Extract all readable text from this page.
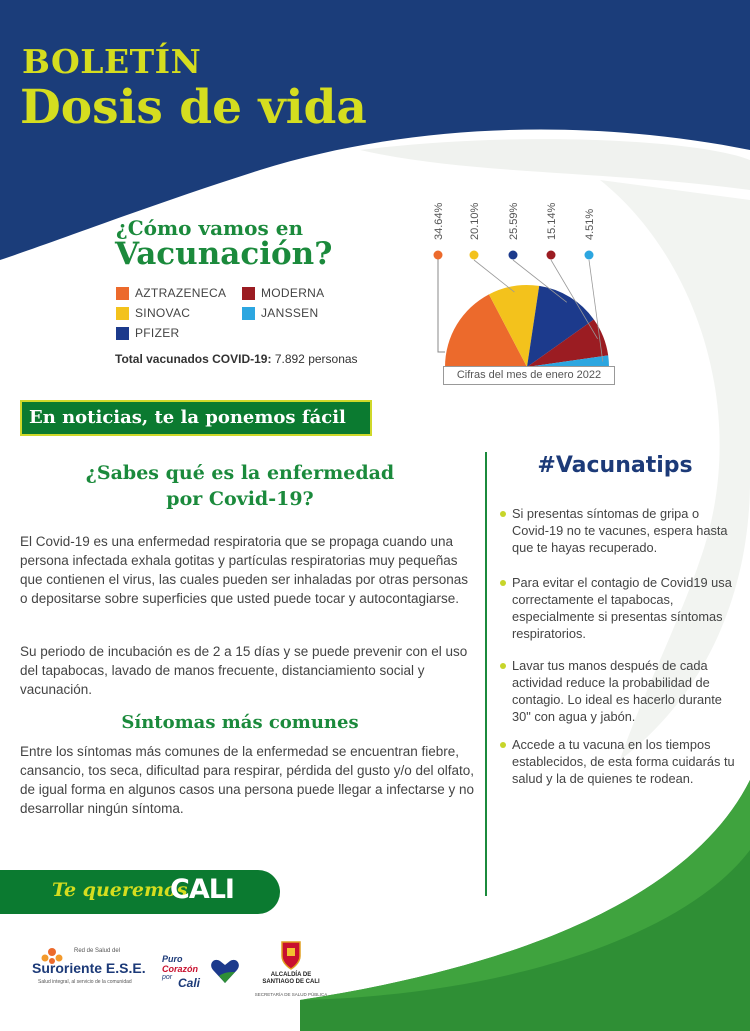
BOLETÍN
Dosis de vida
¿Cómo vamos en
Vacunación?
AZTRAZENECA	MODERNA
SINOVAC	JANSSEN
PFIZER
Total vacunados COVID-19: 7.892 personas
34.64% 20.10% 25.59% 15.14% 4.51%
Cifras del mes de enero 2022
En noticias, te la ponemos fácil
¿Sabes qué es la enfermedad
por Covid-19?
El Covid-19 es una enfermedad respiratoria que se propaga cuando una persona infectada exhala gotitas y partículas respiratorias muy pequeñas que contienen el virus, las cuales pueden ser inhaladas por otras personas o depositarse sobre superficies que usted puede tocar y autocontagiarse.
Su periodo de incubación es de 2 a 15 días y se puede prevenir con el uso del tapabocas, lavado de manos frecuente, distanciamiento social y vacunación.
Síntomas más comunes
Entre los síntomas más comunes de la enfermedad se encuentran fiebre, cansancio, tos seca, dificultad para respirar, pérdida del gusto y/o del olfato, de igual forma en algunos casos una persona puede llegar a infectarse y no desarrollar ningún síntoma.
#Vacunatips
Si presentas síntomas de gripa o Covid-19 no te vacunes, espera hasta que te hayas recuperado.
Para evitar el contagio de Covid19 usa correctamente el tapabocas, especialmente si presentas síntomas respiratorios.
Lavar tus manos después de cada actividad reduce la probabilidad de contagio. Lo ideal es hacerlo durante 30" con agua y jabón.
Accede a tu vacuna en los tiempos establecidos, de esta forma cuidarás tu salud y la de quienes te rodean.
Te queremos
CALI
Red de Salud del
Suroriente E.S.E.
Salud integral, al servicio de la comunidad
Puro
Corazón
por Cali
ALCALDÍA DE
SANTIAGO DE CALI
SECRETARÍA DE SALUD PÚBLICA
